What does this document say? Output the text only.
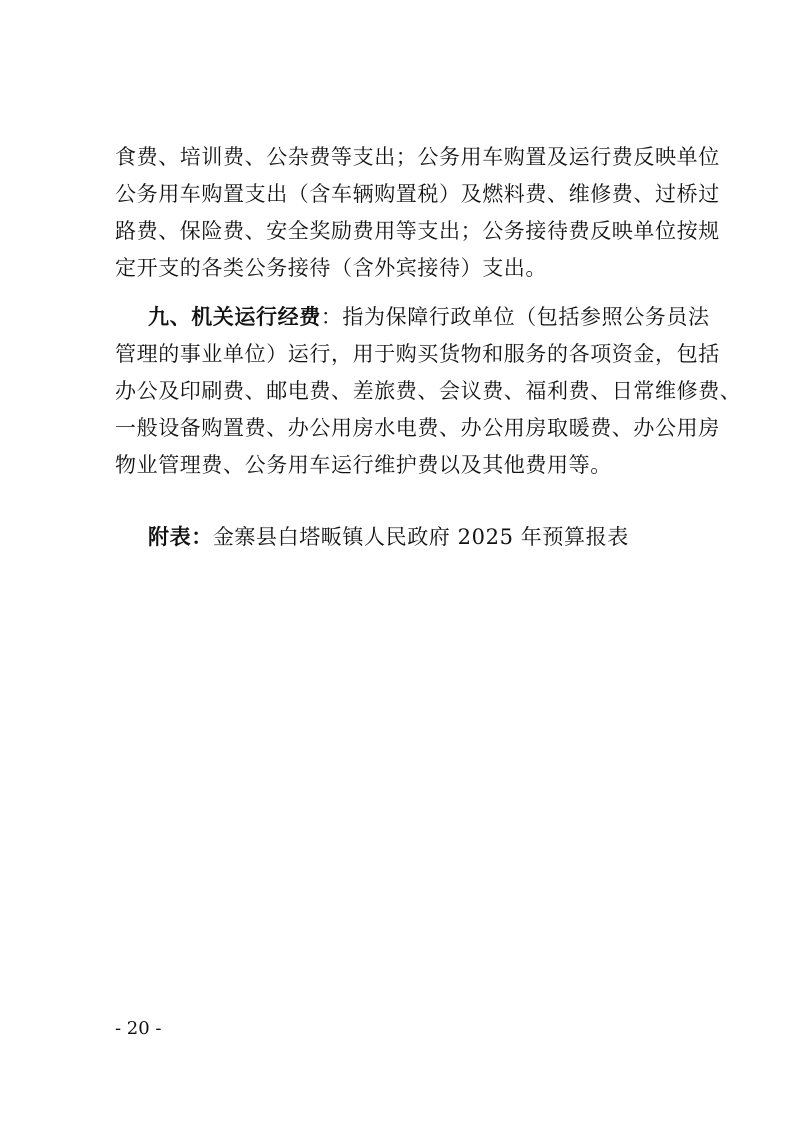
食费、培训费、公杂费等支出；公务用车购置及运行费反映单位
公务用车购置支出（含车辆购置税）及燃料费、维修费、过桥过
路费、保险费、安全奖励费用等支出；公务接待费反映单位按规
定开支的各类公务接待（含外宾接待）支出。
九、机关运行经费：指为保障行政单位（包括参照公务员法
管理的事业单位）运行，用于购买货物和服务的各项资金，包括
办公及印刷费、邮电费、差旅费、会议费、福利费、日常维修费、
一般设备购置费、办公用房水电费、办公用房取暖费、办公用房
物业管理费、公务用车运行维护费以及其他费用等。
附表：金寨县白塔畈镇人民政府 2025 年预算报表
- 20 -
